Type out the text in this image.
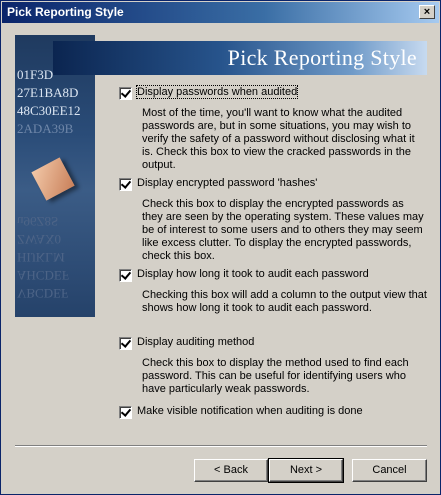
Pick Reporting Style	×
01F3D
27E1BA8D
48C30EE12
2ADA39B
u96Z8S
ZWAX0
HIJKLM
AHCDEF
VBCDEF
Pick Reporting Style
Display passwords when audited
Most of the time, you'll want to know what the audited passwords are, but in some situations, you may wish to verify the safety of a password without disclosing what it is. Check this box to view the cracked passwords in the output.
Display encrypted password 'hashes'
Check this box to display the encrypted passwords as they are seen by the operating system. These values may be of interest to some users and to others they may seem like excess clutter. To display the encrypted passwords, check this box.
Display how long it took to audit each password
Checking this box will add a column to the output view that shows how long it took to audit each password.
Display auditing method
Check this box to display the method used to find each password. This can be useful for identifying users who have particularly weak passwords.
Make visible notification when auditing is done
< Back	Next >	Cancel
